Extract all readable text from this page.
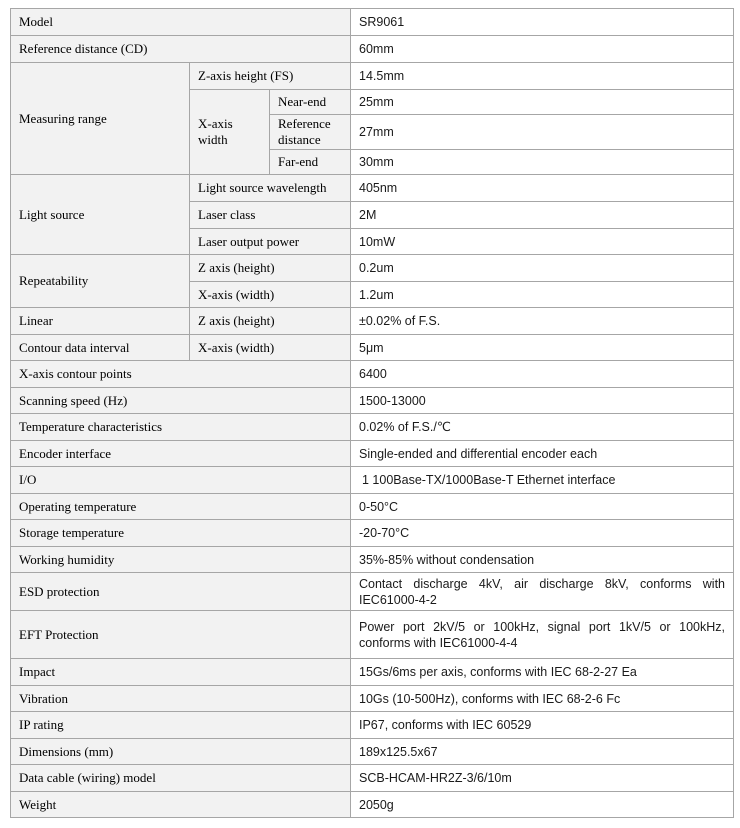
Model			SR9061
Reference distance (CD)			60mm
Measuring range	Z-axis height (FS)		14.5mm
	X-axis width	Near-end	25mm
		Reference distance	27mm
		Far-end	30mm
Light source	Light source wavelength		405nm
	Laser class		2M
	Laser output power		10mW
Repeatability	Z axis (height)		0.2um
	X-axis (width)		1.2um
Linear	Z axis (height)		±0.02% of F.S.
Contour data interval	X-axis (width)		5μm
X-axis contour points			6400
Scanning speed (Hz)			1500-13000
Temperature characteristics			0.02% of F.S./℃
Encoder interface			Single-ended and differential encoder each
I/O			1 100Base-TX/1000Base-T Ethernet interface
Operating temperature			0-50°C
Storage temperature			-20-70°C
Working humidity			35%-85% without condensation
ESD protection			Contact discharge 4kV, air discharge 8kV, conforms with IEC61000-4-2
EFT Protection			Power port 2kV/5 or 100kHz, signal port 1kV/5 or 100kHz, conforms with IEC61000-4-4
Impact			15Gs/6ms per axis, conforms with IEC 68-2-27 Ea
Vibration			10Gs (10-500Hz), conforms with IEC 68-2-6 Fc
IP rating			IP67, conforms with IEC 60529
Dimensions (mm)			189x125.5x67
Data cable (wiring) model			SCB-HCAM-HR2Z-3/6/10m
Weight			2050g
